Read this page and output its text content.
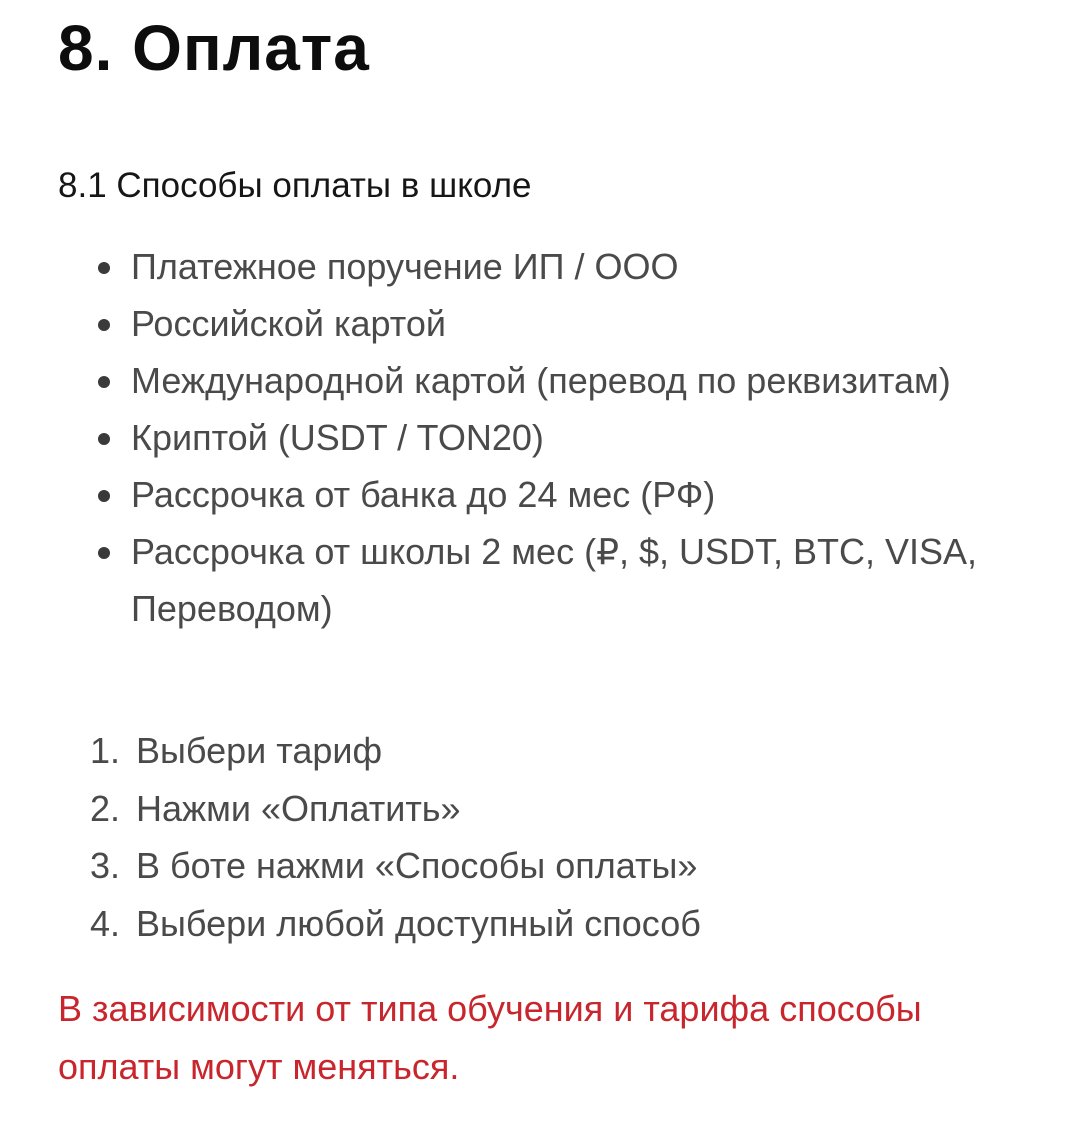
8. Оплата
8.1 Способы оплаты в школе
Платежное поручение ИП / ООО
Российской картой
Международной картой (перевод по реквизитам)
Криптой (USDT / TON20)
Рассрочка от банка до 24 мес (РФ)
Рассрочка от школы 2 мес (₽, $, USDT, BTC, VISA, Переводом)
1. Выбери тариф
2. Нажми «Оплатить»
3. В боте нажми «Способы оплаты»
4. Выбери любой доступный способ

В зависимости от типа обучения и тарифа способы оплаты могут меняться.
